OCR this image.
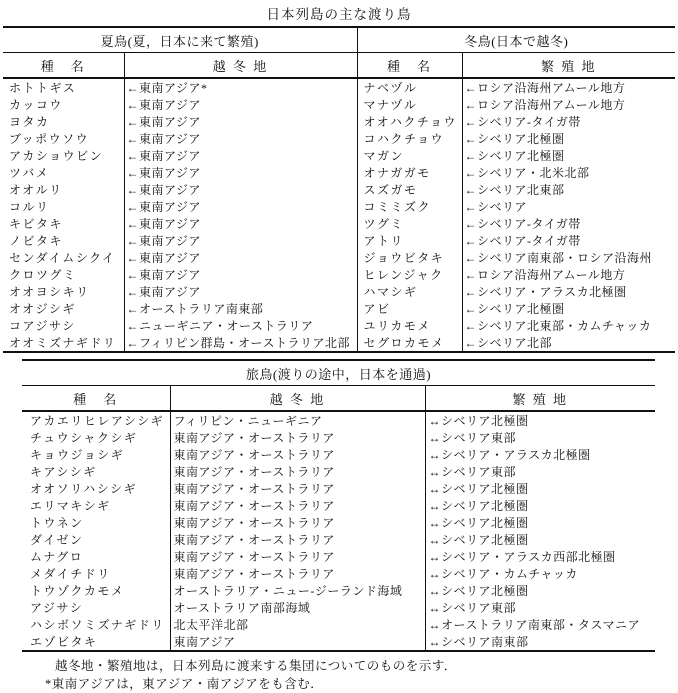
日本列島の主な渡り鳥
夏鳥(夏，日本に来て繁殖)		冬鳥(日本で越冬)	
種　名	越 冬 地	種　名	繁 殖 地
ホトトギス	←東南アジア*	ナベヅル	←ロシア沿海州アムール地方
カッコウ	←東南アジア	マナヅル	←ロシア沿海州アムール地方
ヨタカ	←東南アジア	オオハクチョウ	←シベリア-タイガ帯
ブッポウソウ	←東南アジア	コハクチョウ	←シベリア北極圏
アカショウビン	←東南アジア	マガン	←シベリア北極圏
ツバメ	←東南アジア	オナガガモ	←シベリア・北米北部
オオルリ	←東南アジア	スズガモ	←シベリア北東部
コルリ	←東南アジア	コミミズク	←シベリア
キビタキ	←東南アジア	ツグミ	←シベリア-タイガ帯
ノビタキ	←東南アジア	アトリ	←シベリア-タイガ帯
センダイムシクイ	←東南アジア	ジョウビタキ	←シベリア南東部・ロシア沿海州
クロツグミ	←東南アジア	ヒレンジャク	←ロシア沿海州アムール地方
オオヨシキリ	←東南アジア	ハマシギ	←シベリア・アラスカ北極圏
オオジシギ	←オーストラリア南東部	アビ	←シベリア北極圏
コアジサシ	←ニューギニア・オーストラリア	ユリカモメ	←シベリア北東部・カムチャッカ
オオミズナギドリ	←フィリピン群島・オーストラリア北部	セグロカモメ	←シベリア北部
旅鳥(渡りの途中，日本を通過)		
種　名	越 冬 地	繁 殖 地
アカエリヒレアシシギ	フィリピン・ニューギニア	↔シベリア北極圏
チュウシャクシギ	東南アジア・オーストラリア	↔シベリア東部
キョウジョシギ	東南アジア・オーストラリア	↔シベリア・アラスカ北極圏
キアシシギ	東南アジア・オーストラリア	↔シベリア東部
オオソリハシシギ	東南アジア・オーストラリア	↔シベリア北極圏
エリマキシギ	東南アジア・オーストラリア	↔シベリア北極圏
トウネン	東南アジア・オーストラリア	↔シベリア北極圏
ダイゼン	東南アジア・オーストラリア	↔シベリア北極圏
ムナグロ	東南アジア・オーストラリア	↔シベリア・アラスカ西部北極圏
メダイチドリ	東南アジア・オーストラリア	↔シベリア・カムチャッカ
トウゾクカモメ	オーストラリア・ニュー-ジーランド海域	↔シベリア北極圏
アジサシ	オーストラリア南部海域	↔シベリア東部
ハシボソミズナギドリ	北太平洋北部	↔オーストラリア南東部・タスマニア
エゾビタキ	東南アジア	↔シベリア南東部
越冬地・繁殖地は，日本列島に渡来する集団についてのものを示す．
*東南アジアは，東アジア・南アジアをも含む．
